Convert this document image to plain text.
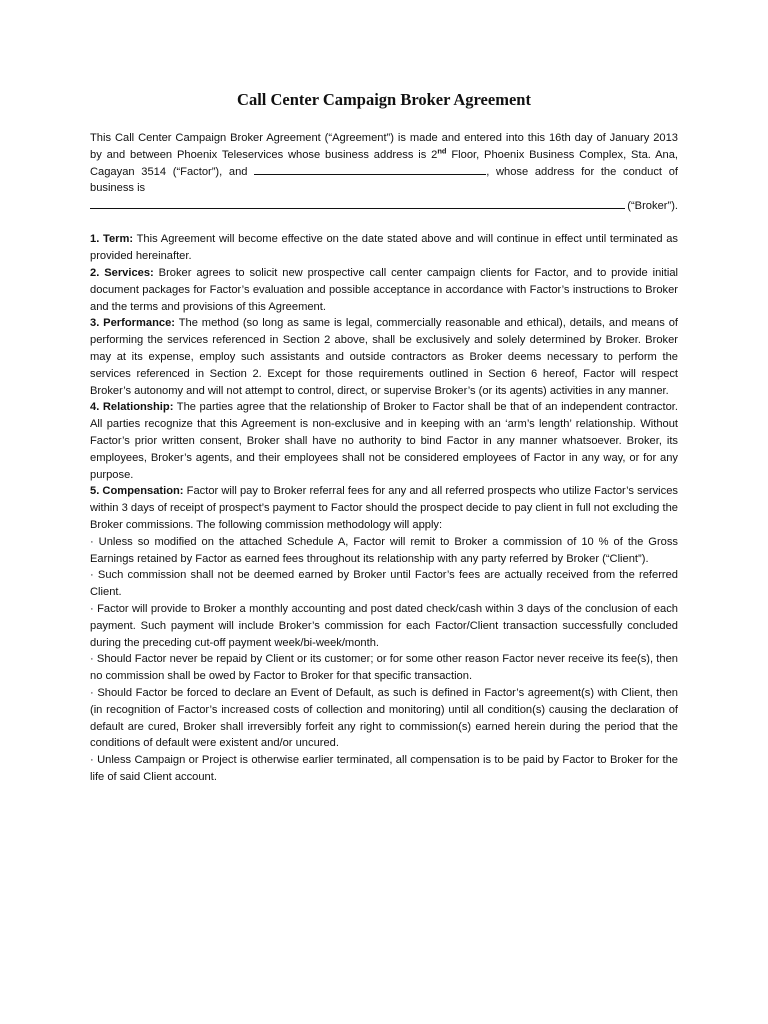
Call Center Campaign Broker Agreement

This Call Center Campaign Broker Agreement (“Agreement”) is made and entered into this 16th day of January 2013 by and between Phoenix Teleservices whose business address is 2nd Floor, Phoenix Business Complex, Sta. Ana, Cagayan 3514 (“Factor”), and	, whose address for the conduct of business is
(“Broker”).

1. Term: This Agreement will become effective on the date stated above and will continue in effect until terminated as provided hereinafter.

2. Services: Broker agrees to solicit new prospective call center campaign clients for Factor, and to provide initial document packages for Factor’s evaluation and possible acceptance in accordance with Factor’s instructions to Broker and the terms and provisions of this Agreement.

3. Performance: The method (so long as same is legal, commercially reasonable and ethical), details, and means of performing the services referenced in Section 2 above, shall be exclusively and solely determined by Broker. Broker may at its expense, employ such assistants and outside contractors as Broker deems necessary to perform the services referenced in Section 2. Except for those requirements outlined in Section 6 hereof, Factor will respect Broker’s autonomy and will not attempt to control, direct, or supervise Broker’s (or its agents) activities in any manner.

4. Relationship: The parties agree that the relationship of Broker to Factor shall be that of an independent contractor. All parties recognize that this Agreement is non-exclusive and in keeping with an ‘arm’s length’ relationship. Without Factor’s prior written consent, Broker shall have no authority to bind Factor in any manner whatsoever. Broker, its employees, Broker’s agents, and their employees shall not be considered employees of Factor in any way, or for any purpose.

5. Compensation: Factor will pay to Broker referral fees for any and all referred prospects who utilize Factor’s services within 3 days of receipt of prospect’s payment to Factor should the prospect decide to pay client in full not excluding the Broker commissions. The following commission methodology will apply:

· Unless so modified on the attached Schedule A, Factor will remit to Broker a commission of 10 % of the Gross Earnings retained by Factor as earned fees throughout its relationship with any party referred by Broker (“Client”).

· Such commission shall not be deemed earned by Broker until Factor’s fees are actually received from the referred Client.

· Factor will provide to Broker a monthly accounting and post dated check/cash within 3 days of the conclusion of each payment. Such payment will include Broker’s commission for each Factor/Client transaction successfully concluded during the preceding cut-off payment week/bi-week/month.

· Should Factor never be repaid by Client or its customer; or for some other reason Factor never receive its fee(s), then no commission shall be owed by Factor to Broker for that specific transaction.

· Should Factor be forced to declare an Event of Default, as such is defined in Factor’s agreement(s) with Client, then (in recognition of Factor’s increased costs of collection and monitoring) until all condition(s) causing the declaration of default are cured, Broker shall irreversibly forfeit any right to commission(s) earned herein during the period that the conditions of default were existent and/or uncured.

· Unless Campaign or Project is otherwise earlier terminated, all compensation is to be paid by Factor to Broker for the life of said Client account.
